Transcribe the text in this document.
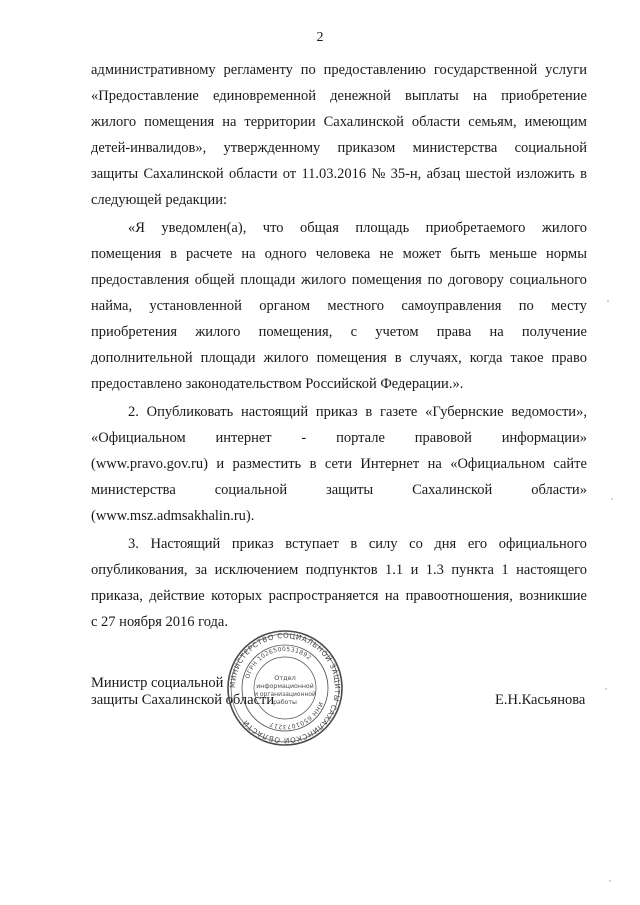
2
административному регламенту по предоставлению государственной услуги
«Предоставление единовременной денежной выплаты на приобретение
жилого помещения на территории Сахалинской области семьям, имеющим
детей-инвалидов», утвержденному приказом министерства социальной
защиты Сахалинской области от 11.03.2016 № 35-н, абзац шестой изложить в
следующей редакции:
«Я уведомлен(а), что общая площадь приобретаемого жилого
помещения в расчете на одного человека не может быть меньше нормы
предоставления общей площади жилого помещения по договору социального
найма, установленной органом местного самоуправления по месту
приобретения жилого помещения, с учетом права на получение
дополнительной площади жилого помещения в случаях, когда такое право
предоставлено законодательством Российской Федерации.».
2. Опубликовать настоящий приказ в газете «Губернские ведомости»,
«Официальном интернет - портале правовой информации»
(www.pravo.gov.ru) и разместить в сети Интернет на «Официальном сайте
министерства	социальной	защиты	Сахалинской	области»
(www.msz.admsakhalin.ru).
3. Настоящий приказ вступает в силу со дня его официального
опубликования, за исключением подпунктов 1.1 и 1.3 пункта 1 настоящего
приказа, действие которых распространяется на правоотношения, возникшие
с 27 ноября 2016 года.
Министр социальной
защиты Сахалинской области	Е.Н.Касьянова
МИНИСТЕРСТВО СОЦИАЛЬНОЙ ЗАЩИТЫ САХАЛИНСКОЙ ОБЛАСТИ
ОГРН 1026500531892
ИНН 6501073217
Отдел
информационной
и организационной
работы
